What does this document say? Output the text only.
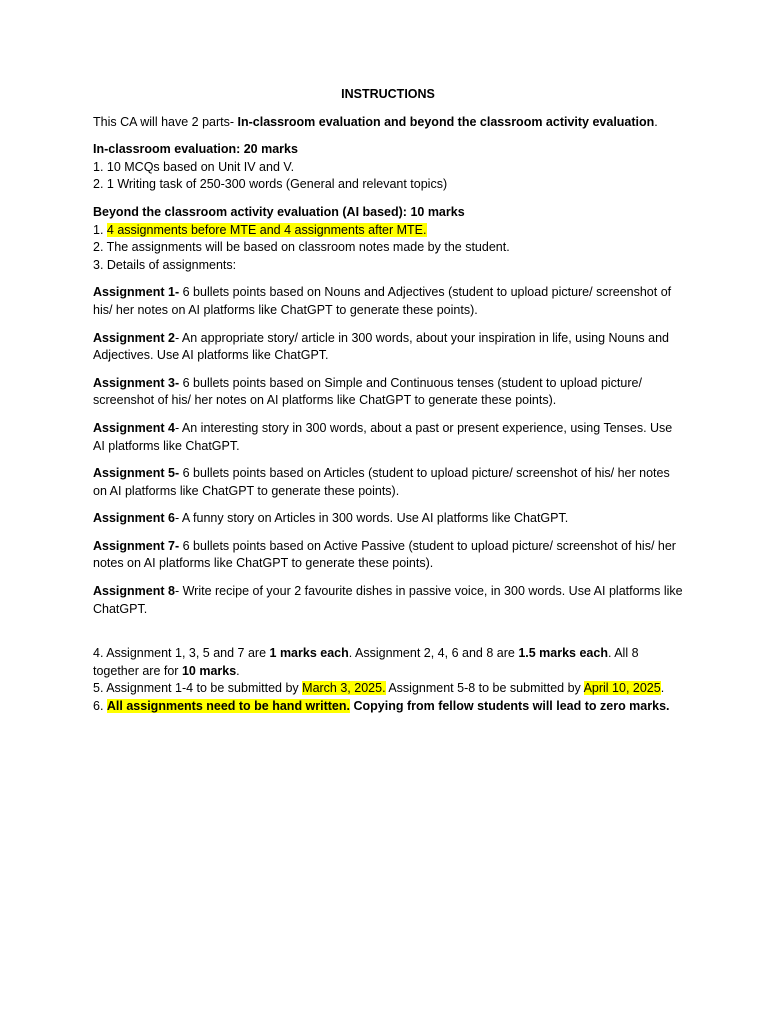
INSTRUCTIONS

This CA will have 2 parts- In-classroom evaluation and beyond the classroom activity evaluation.

In-classroom evaluation: 20 marks
1. 10 MCQs based on Unit IV and V.
2. 1 Writing task of 250-300 words (General and relevant topics)

Beyond the classroom activity evaluation (AI based): 10 marks
1. 4 assignments before MTE and 4 assignments after MTE.
2. The assignments will be based on classroom notes made by the student.
3. Details of assignments:

Assignment 1- 6 bullets points based on Nouns and Adjectives (student to upload picture/ screenshot of his/ her notes on AI platforms like ChatGPT to generate these points).

Assignment 2- An appropriate story/ article in 300 words, about your inspiration in life, using Nouns and Adjectives. Use AI platforms like ChatGPT.

Assignment 3- 6 bullets points based on Simple and Continuous tenses (student to upload picture/ screenshot of his/ her notes on AI platforms like ChatGPT to generate these points).

Assignment 4- An interesting story in 300 words, about a past or present experience, using Tenses. Use AI platforms like ChatGPT.

Assignment 5- 6 bullets points based on Articles (student to upload picture/ screenshot of his/ her notes on AI platforms like ChatGPT to generate these points).

Assignment 6- A funny story on Articles in 300 words. Use AI platforms like ChatGPT.

Assignment 7- 6 bullets points based on Active Passive (student to upload picture/ screenshot of his/ her notes on AI platforms like ChatGPT to generate these points).

Assignment 8- Write recipe of your 2 favourite dishes in passive voice, in 300 words. Use AI platforms like ChatGPT.

4. Assignment 1, 3, 5 and 7 are 1 marks each. Assignment 2, 4, 6 and 8 are 1.5 marks each. All 8 together are for 10 marks.
5. Assignment 1-4 to be submitted by March 3, 2025. Assignment 5-8 to be submitted by April 10, 2025.
6. All assignments need to be hand written. Copying from fellow students will lead to zero marks.
